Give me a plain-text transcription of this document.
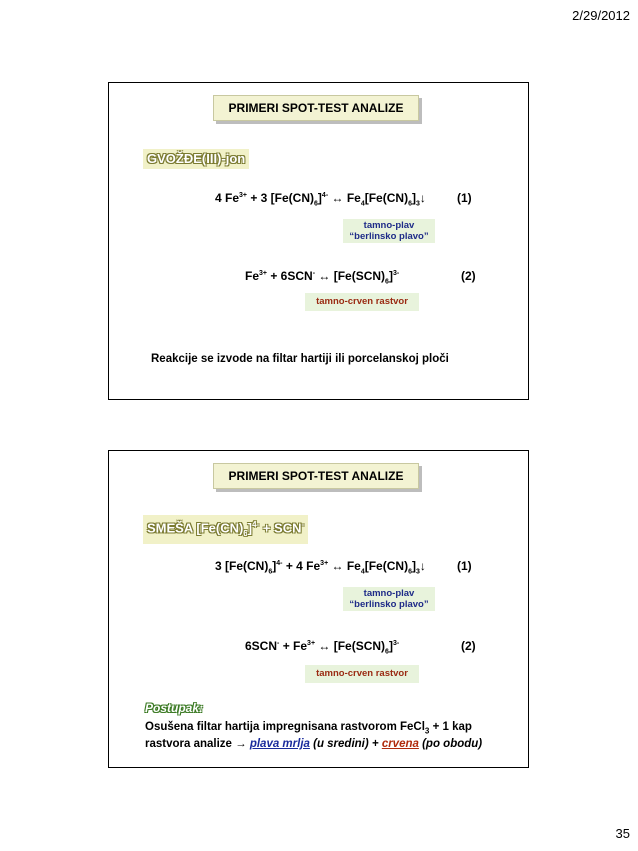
2/29/2012
PRIMERI SPOT-TEST ANALIZE
GVOŽĐE(III)-jon
4 $Fe^{3+} + 3$ $[Fe(CN)_6]^{4-}$ ↔ $Fe_4[Fe(CN)_6]_3↓$	(1)
tamno-plav
“berlinsko plavo”
$Fe^{3+} + 6SCN^-$ ↔ $[Fe(SCN)_6]^{3-}$	(2)
tamno-crven rastvor
Reakcije se izvode na filtar hartiji ili porcelanskoj ploči
PRIMERI SPOT-TEST ANALIZE
SMEŠA $[Fe(CN)_6]^{4-} + SCN^-$
3 $[Fe(CN)_6]^{4-} + 4$ $Fe^{3+}$ ↔ $Fe_4[Fe(CN)_6]_3↓$	(1)
tamno-plav
“berlinsko plavo”
$6SCN^- + Fe^{3+}$ ↔ $[Fe(SCN)_6]^{3-}$	(2)
tamno-crven rastvor
Postupak:
Osušena filtar hartija impregnisana rastvorom FeCl$_3$ + 1 kap
rastvora analize → plava mrlja (u sredini) + crvena (po obodu)
35
